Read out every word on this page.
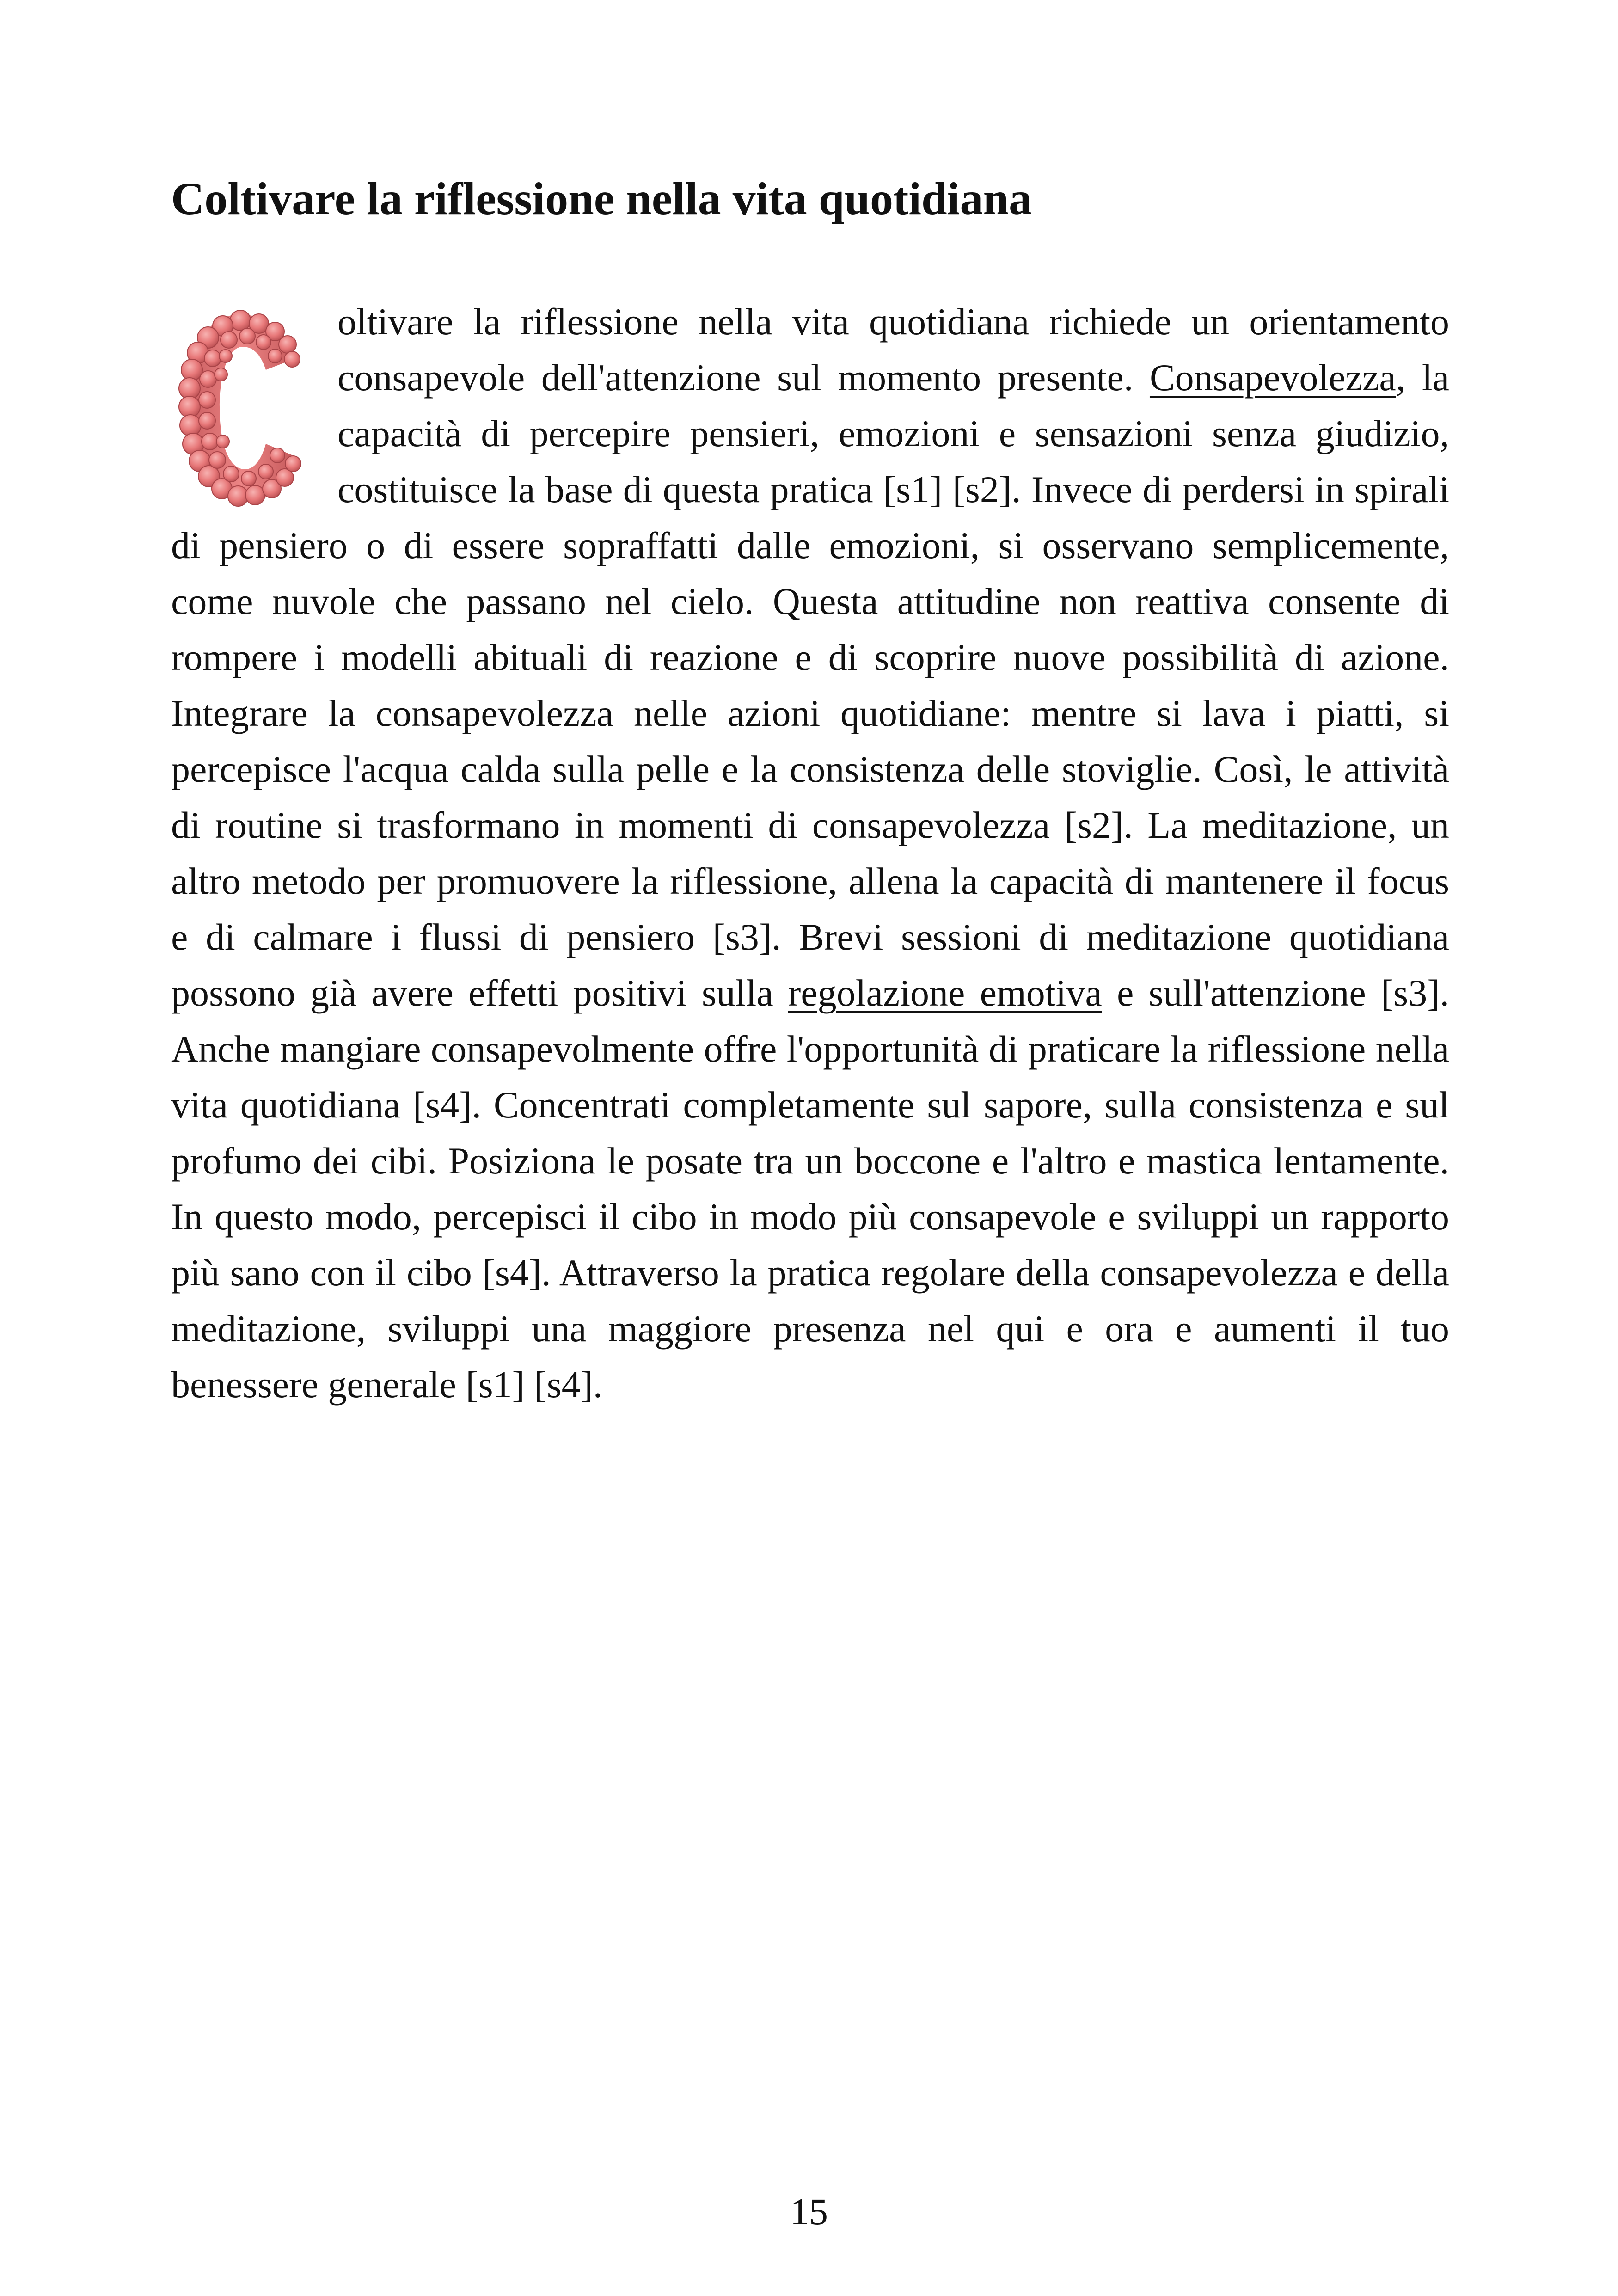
Coltivare la riflessione nella vita quotidiana

oltivare la riflessione nella vita quotidiana richiede un orientamento consapevole dell'attenzione sul momento presente. Consapevolezza, la capacità di percepire pensieri, emozioni e sensazioni senza giudizio, costituisce la base di questa pratica [s1] [s2]. Invece di perdersi in spirali di pensiero o di essere sopraffatti dalle emozioni, si osservano semplicemente, come nuvole che passano nel cielo. Questa attitudine non reattiva consente di rompere i modelli abituali di reazione e di scoprire nuove possibilità di azione. Integrare la consapevolezza nelle azioni quotidiane: mentre si lava i piatti, si percepisce l'acqua calda sulla pelle e la consistenza delle stoviglie. Così, le attività di routine si trasformano in momenti di consapevolezza [s2]. La meditazione, un altro metodo per promuovere la riflessione, allena la capacità di mantenere il focus e di calmare i flussi di pensiero [s3]. Brevi sessioni di meditazione quotidiana possono già avere effetti positivi sulla regolazione emotiva e sull'attenzione [s3]. Anche mangiare consapevolmente offre l'opportunità di praticare la riflessione nella vita quotidiana [s4]. Concentrati completamente sul sapore, sulla consistenza e sul profumo dei cibi. Posiziona le posate tra un boccone e l'altro e mastica lentamente. In questo modo, percepisci il cibo in modo più consapevole e sviluppi un rapporto più sano con il cibo [s4]. Attraverso la pratica regolare della consapevolezza e della meditazione, sviluppi una maggiore presenza nel qui e ora e aumenti il tuo benessere generale [s1] [s4].

15
